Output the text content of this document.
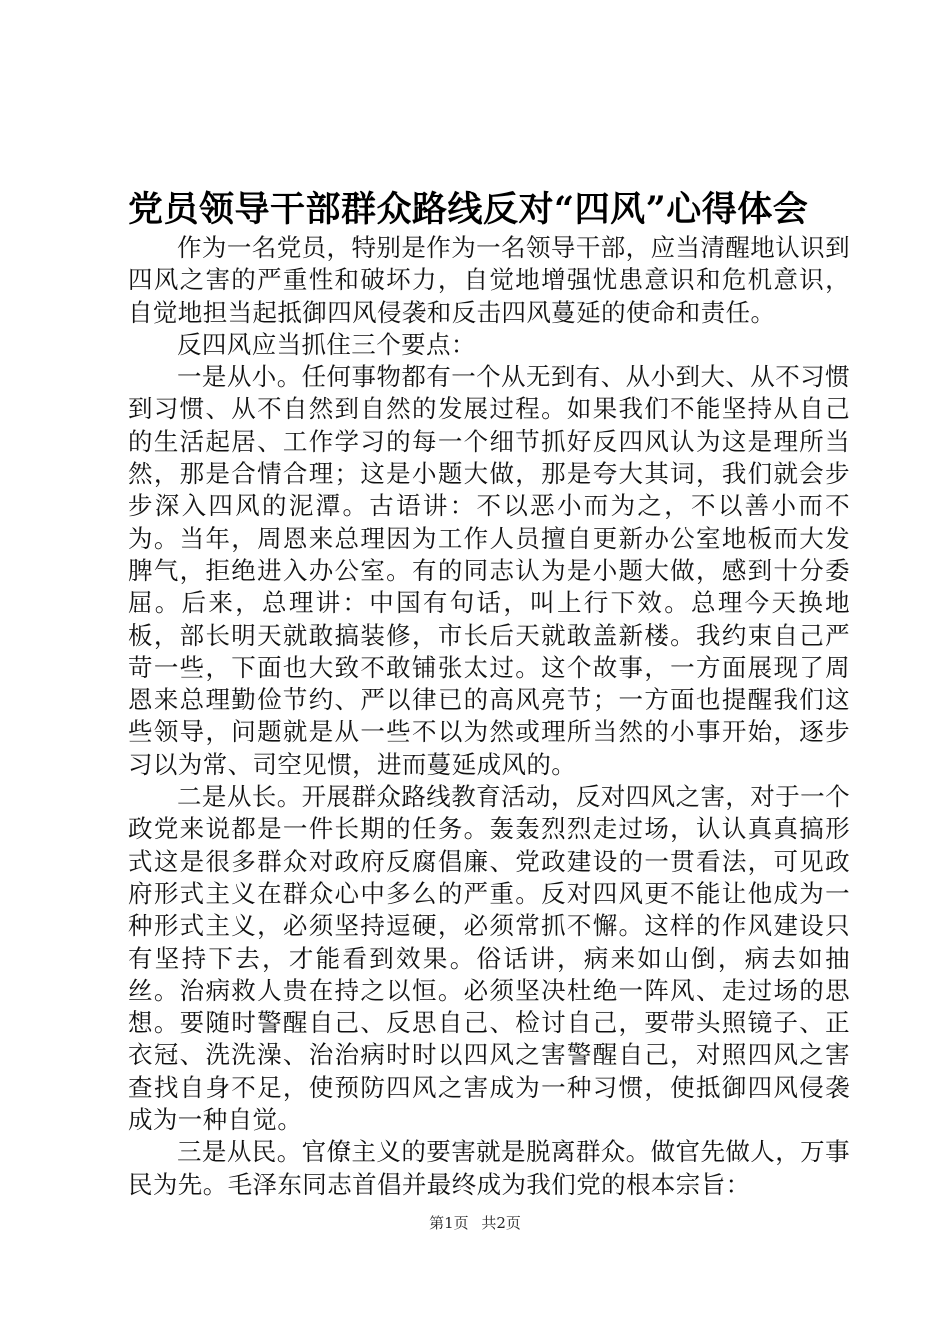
党员领导干部群众路线反对“四风”心得体会

作为一名党员，特别是作为一名领导干部，应当清醒地认识到四风之害的严重性和破坏力，自觉地增强忧患意识和危机意识，自觉地担当起抵御四风侵袭和反击四风蔓延的使命和责任。

反四风应当抓住三个要点：

一是从小。任何事物都有一个从无到有、从小到大、从不习惯到习惯、从不自然到自然的发展过程。如果我们不能坚持从自己的生活起居、工作学习的每一个细节抓好反四风认为这是理所当然，那是合情合理；这是小题大做，那是夸大其词，我们就会步步深入四风的泥潭。古语讲：不以恶小而为之，不以善小而不为。当年，周恩来总理因为工作人员擅自更新办公室地板而大发脾气，拒绝进入办公室。有的同志认为是小题大做，感到十分委屈。后来，总理讲：中国有句话，叫上行下效。总理今天换地板，部长明天就敢搞装修，市长后天就敢盖新楼。我约束自己严苛一些，下面也大致不敢铺张太过。这个故事，一方面展现了周恩来总理勤俭节约、严以律已的高风亮节；一方面也提醒我们这些领导，问题就是从一些不以为然或理所当然的小事开始，逐步习以为常、司空见惯，进而蔓延成风的。

二是从长。开展群众路线教育活动，反对四风之害，对于一个政党来说都是一件长期的任务。轰轰烈烈走过场，认认真真搞形式这是很多群众对政府反腐倡廉、党政建设的一贯看法，可见政府形式主义在群众心中多么的严重。反对四风更不能让他成为一种形式主义，必须坚持逗硬，必须常抓不懈。这样的作风建设只有坚持下去，才能看到效果。俗话讲，病来如山倒，病去如抽丝。治病救人贵在持之以恒。必须坚决杜绝一阵风、走过场的思想。要随时警醒自己、反思自己、检讨自己，要带头照镜子、正衣冠、洗洗澡、治治病时时以四风之害警醒自己，对照四风之害查找自身不足，使预防四风之害成为一种习惯，使抵御四风侵袭成为一种自觉。

三是从民。官僚主义的要害就是脱离群众。做官先做人，万事民为先。毛泽东同志首倡并最终成为我们党的根本宗旨：

第1页 共2页
